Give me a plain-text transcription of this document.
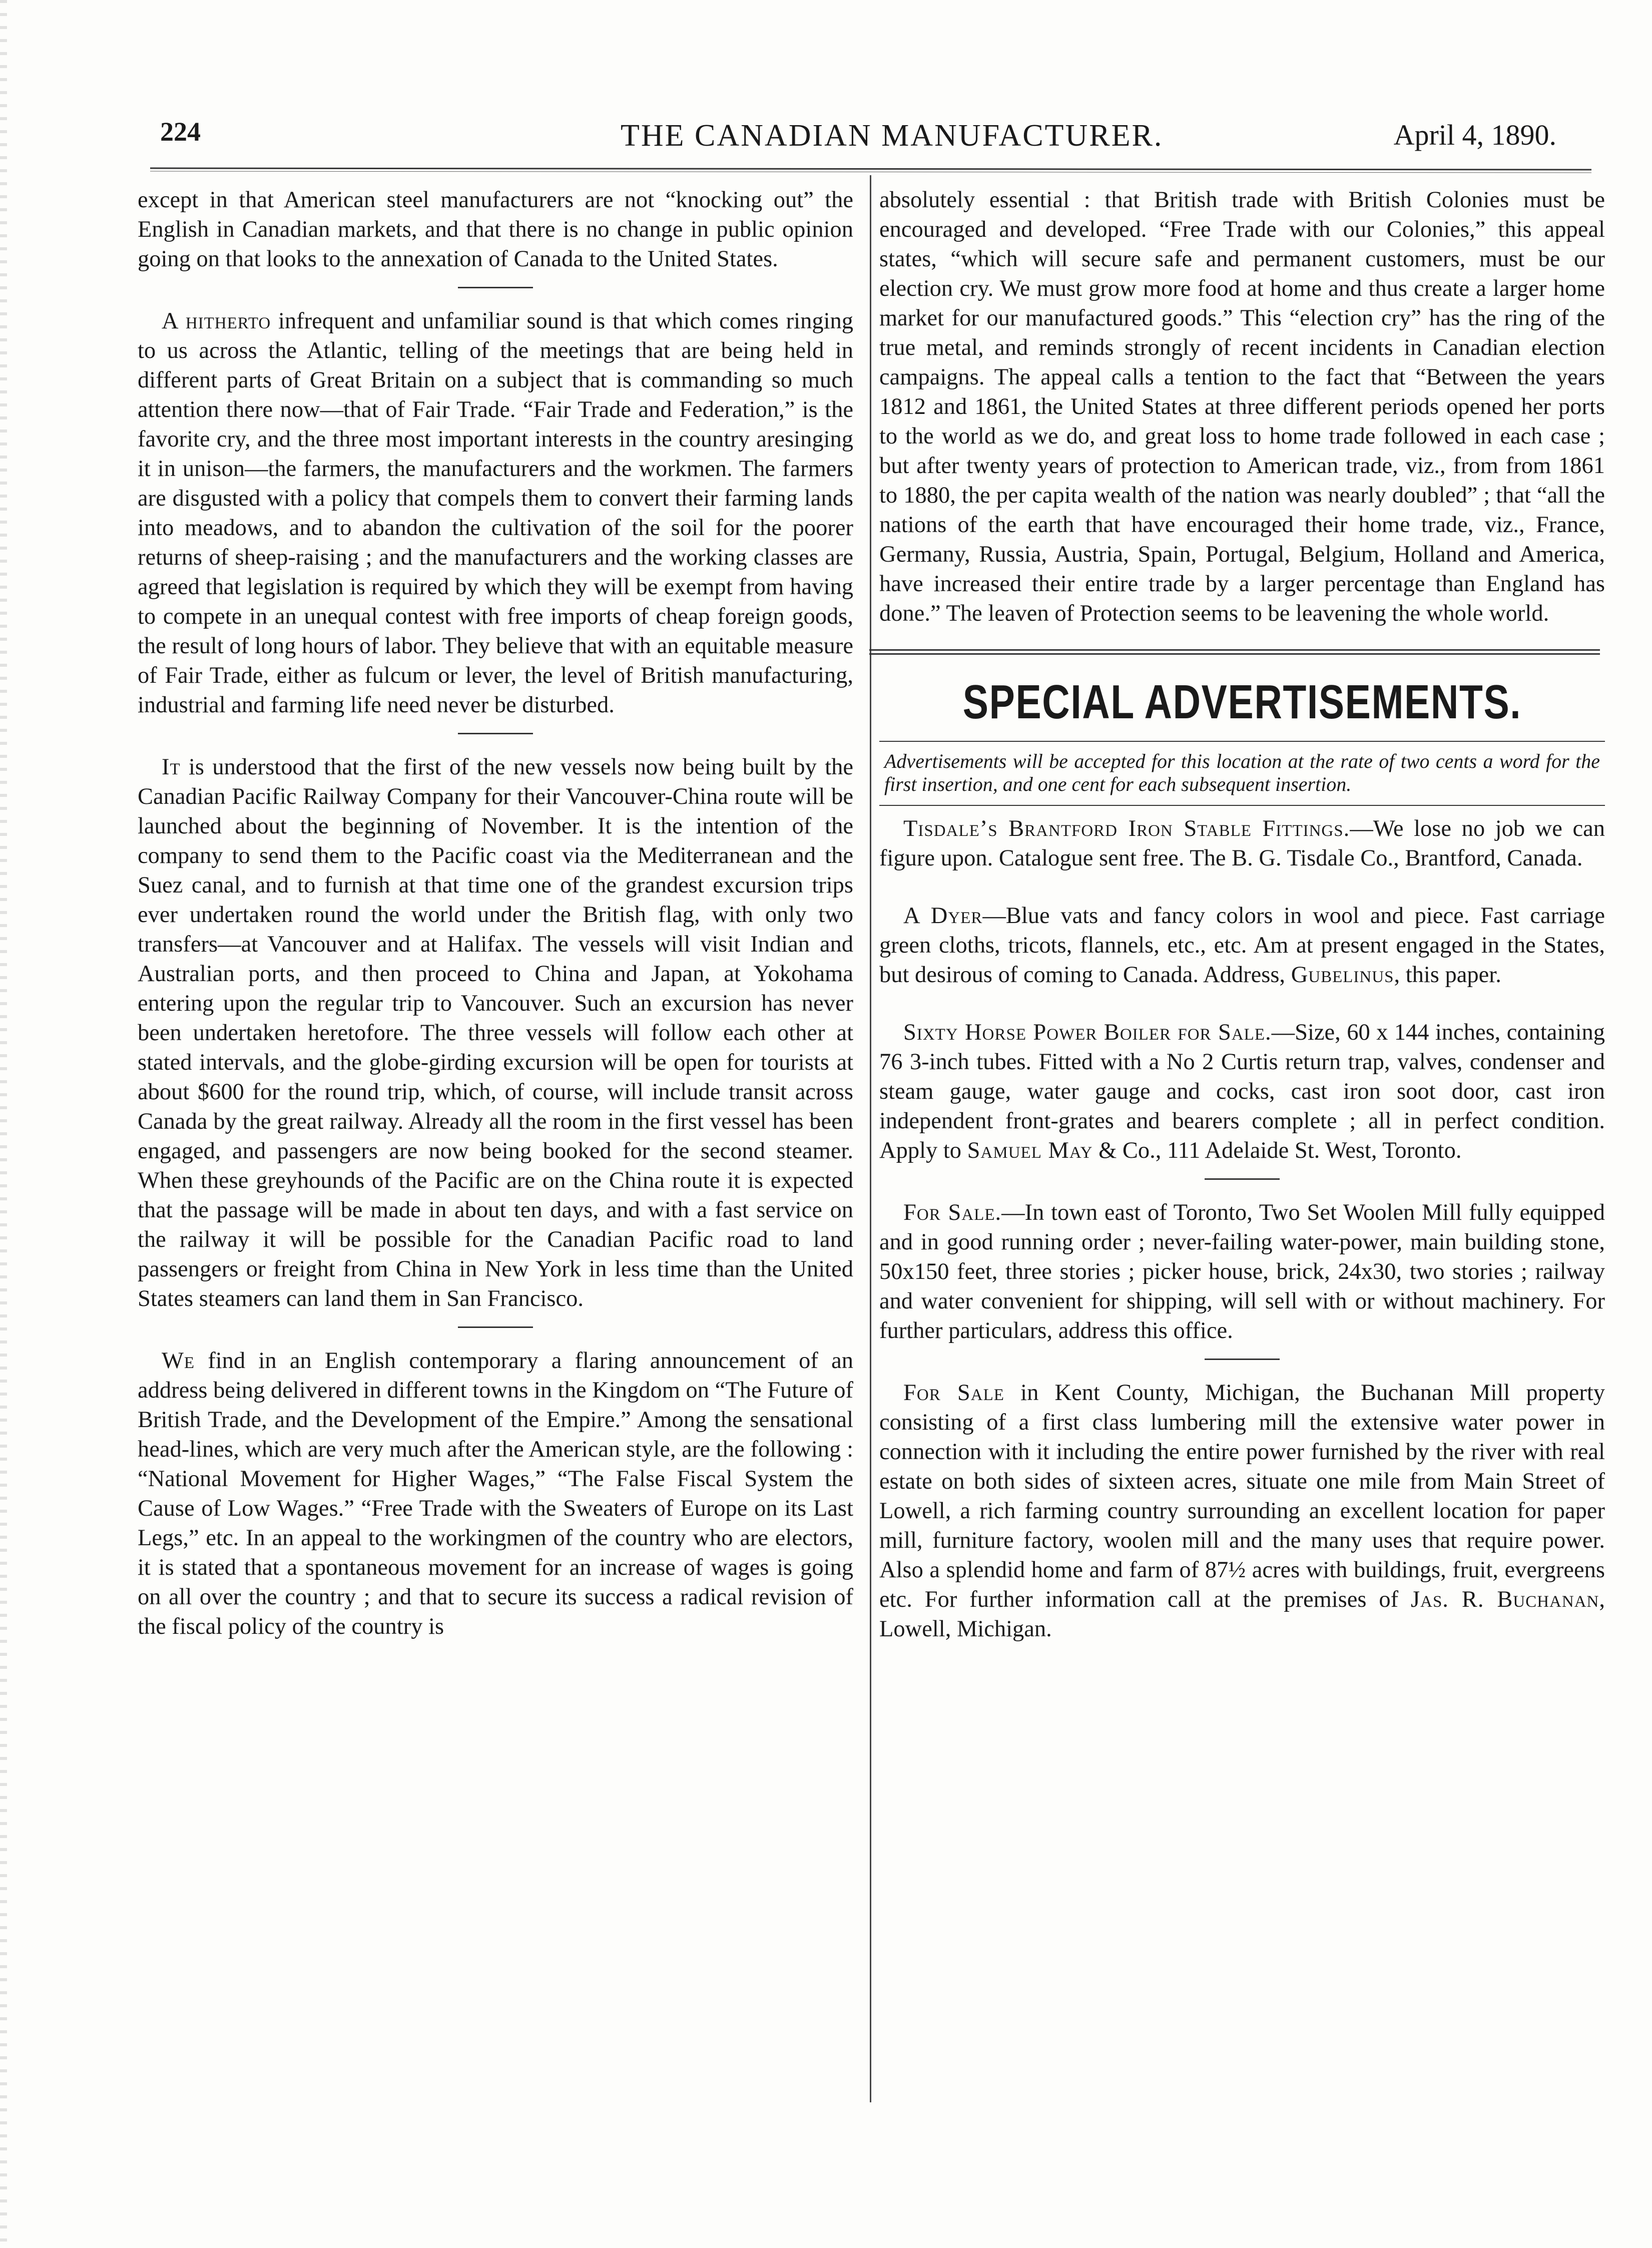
224	THE CANADIAN MANUFACTURER.	April 4, 1890.

except in that American steel manufacturers are not “knocking out” the English in Canadian markets, and that there is no change in public opinion going on that looks to the annexation of Canada to the United States.

A hitherto infrequent and unfamiliar sound is that which comes ringing to us across the Atlantic, telling of the meetings that are being held in different parts of Great Britain on a subject that is commanding so much attention there now—that of Fair Trade. “Fair Trade and Federation,” is the favorite cry, and the three most important interests in the country aresinging it in unison—the farmers, the manufacturers and the workmen. The farmers are disgusted with a policy that compels them to convert their farming lands into meadows, and to abandon the cultivation of the soil for the poorer returns of sheep-raising ; and the manufacturers and the working classes are agreed that legislation is required by which they will be exempt from having to compete in an unequal contest with free imports of cheap foreign goods, the result of long hours of labor. They believe that with an equitable measure of Fair Trade, either as fulcum or lever, the level of British manufacturing, industrial and farming life need never be disturbed.

It is understood that the first of the new vessels now being built by the Canadian Pacific Railway Company for their Vancouver-China route will be launched about the beginning of November. It is the intention of the company to send them to the Pacific coast via the Mediterranean and the Suez canal, and to furnish at that time one of the grandest excursion trips ever undertaken round the world under the British flag, with only two transfers—at Vancouver and at Halifax. The vessels will visit Indian and Australian ports, and then proceed to China and Japan, at Yokohama entering upon the regular trip to Vancouver. Such an excursion has never been undertaken heretofore. The three vessels will follow each other at stated intervals, and the globe-girding excursion will be open for tourists at about $600 for the round trip, which, of course, will include transit across Canada by the great railway. Already all the room in the first vessel has been engaged, and passengers are now being booked for the second steamer. When these greyhounds of the Pacific are on the China route it is expected that the passage will be made in about ten days, and with a fast service on the railway it will be possible for the Canadian Pacific road to land passengers or freight from China in New York in less time than the United States steamers can land them in San Francisco.

We find in an English contemporary a flaring announcement of an address being delivered in different towns in the Kingdom on “The Future of British Trade, and the Development of the Empire.” Among the sensational head-lines, which are very much after the American style, are the following : “National Movement for Higher Wages,” “The False Fiscal System the Cause of Low Wages.” “Free Trade with the Sweaters of Europe on its Last Legs,” etc. In an appeal to the workingmen of the country who are electors, it is stated that a spontaneous movement for an increase of wages is going on all over the country ; and that to secure its success a radical revision of the fiscal policy of the country is

absolutely essential : that British trade with British Colonies must be encouraged and developed. “Free Trade with our Colonies,” this appeal states, “which will secure safe and permanent customers, must be our election cry. We must grow more food at home and thus create a larger home market for our manufactured goods.” This “election cry” has the ring of the true metal, and reminds strongly of recent incidents in Canadian election campaigns. The appeal calls a tention to the fact that “Between the years 1812 and 1861, the United States at three different periods opened her ports to the world as we do, and great loss to home trade followed in each case ; but after twenty years of protection to American trade, viz., from from 1861 to 1880, the per capita wealth of the nation was nearly doubled” ; that “all the nations of the earth that have encouraged their home trade, viz., France, Germany, Russia, Austria, Spain, Portugal, Belgium, Holland and America, have increased their entire trade by a larger percentage than England has done.” The leaven of Protection seems to be leavening the whole world.

SPECIAL ADVERTISEMENTS.

Advertisements will be accepted for this location at the rate of two cents a word for the first insertion, and one cent for each subsequent insertion.

Tisdale’s Brantford Iron Stable Fittings.—We lose no job we can figure upon. Catalogue sent free. The B. G. Tisdale Co., Brantford, Canada.

A Dyer—Blue vats and fancy colors in wool and piece. Fast carriage green cloths, tricots, flannels, etc., etc. Am at present engaged in the States, but desirous of coming to Canada. Address, Gubelinus, this paper.

Sixty Horse Power Boiler for Sale.—Size, 60 x 144 inches, containing 76 3-inch tubes. Fitted with a No 2 Curtis return trap, valves, condenser and steam gauge, water gauge and cocks, cast iron soot door, cast iron independent front-grates and bearers complete ; all in perfect condition. Apply to Samuel May & Co., 111 Adelaide St. West, Toronto.

For Sale.—In town east of Toronto, Two Set Woolen Mill fully equipped and in good running order ; never-failing water-power, main building stone, 50x150 feet, three stories ; picker house, brick, 24x30, two stories ; railway and water convenient for shipping, will sell with or without machinery. For further particulars, address this office.

For Sale in Kent County, Michigan, the Buchanan Mill property consisting of a first class lumbering mill the extensive water power in connection with it including the entire power furnished by the river with real estate on both sides of sixteen acres, situate one mile from Main Street of Lowell, a rich farming country surrounding an excellent location for paper mill, furniture factory, woolen mill and the many uses that require power. Also a splendid home and farm of 87½ acres with buildings, fruit, evergreens etc. For further information call at the premises of Jas. R. Buchanan, Lowell, Michigan.
